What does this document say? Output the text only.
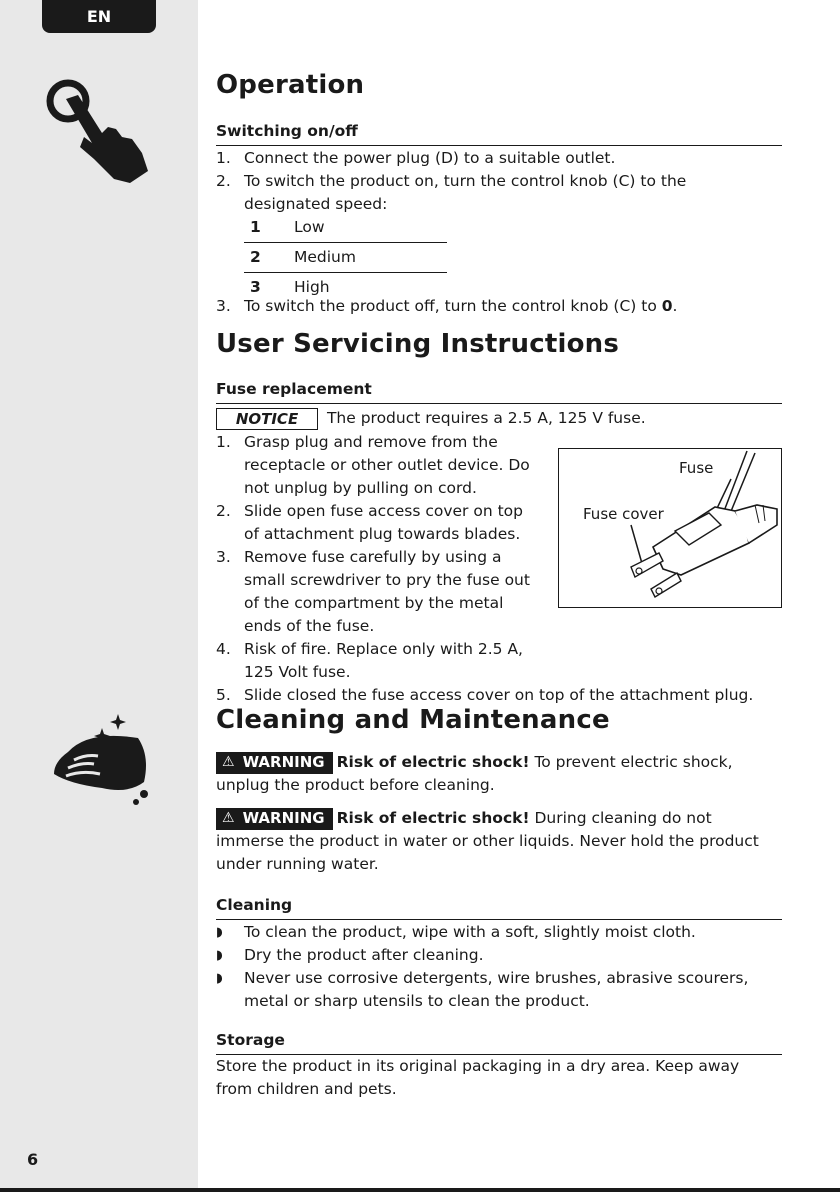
EN
6
Operation
Switching on/off
1. Connect the power plug (D) to a suitable outlet.
2. To switch the product on, turn the control knob (C) to the designated speed:
1	Low
2	Medium
3	High
3. To switch the product off, turn the control knob (C) to 0.
User Servicing Instructions
Fuse replacement
NOTICE The product requires a 2.5 A, 125 V fuse.
1. Grasp plug and remove from the
receptacle or other outlet device. Do
not unplug by pulling on cord.
2. Slide open fuse access cover on top
of attachment plug towards blades.
3. Remove fuse carefully by using a
small screwdriver to pry the fuse out
of the compartment by the metal
ends of the fuse.
4. Risk of fire. Replace only with 2.5 A,
125 Volt fuse.
5. Slide closed the fuse access cover on top of the attachment plug.
Cleaning and Maintenance
⚠ WARNING Risk of electric shock! To prevent electric shock, unplug the product before cleaning.
⚠ WARNING Risk of electric shock! During cleaning do not immerse the product in water or other liquids. Never hold the product under running water.
Cleaning
◗ To clean the product, wipe with a soft, slightly moist cloth.
◗ Dry the product after cleaning.
◗ Never use corrosive detergents, wire brushes, abrasive scourers, metal or sharp utensils to clean the product.
Storage
Store the product in its original packaging in a dry area. Keep away from children and pets.
Fuse
Fuse cover
